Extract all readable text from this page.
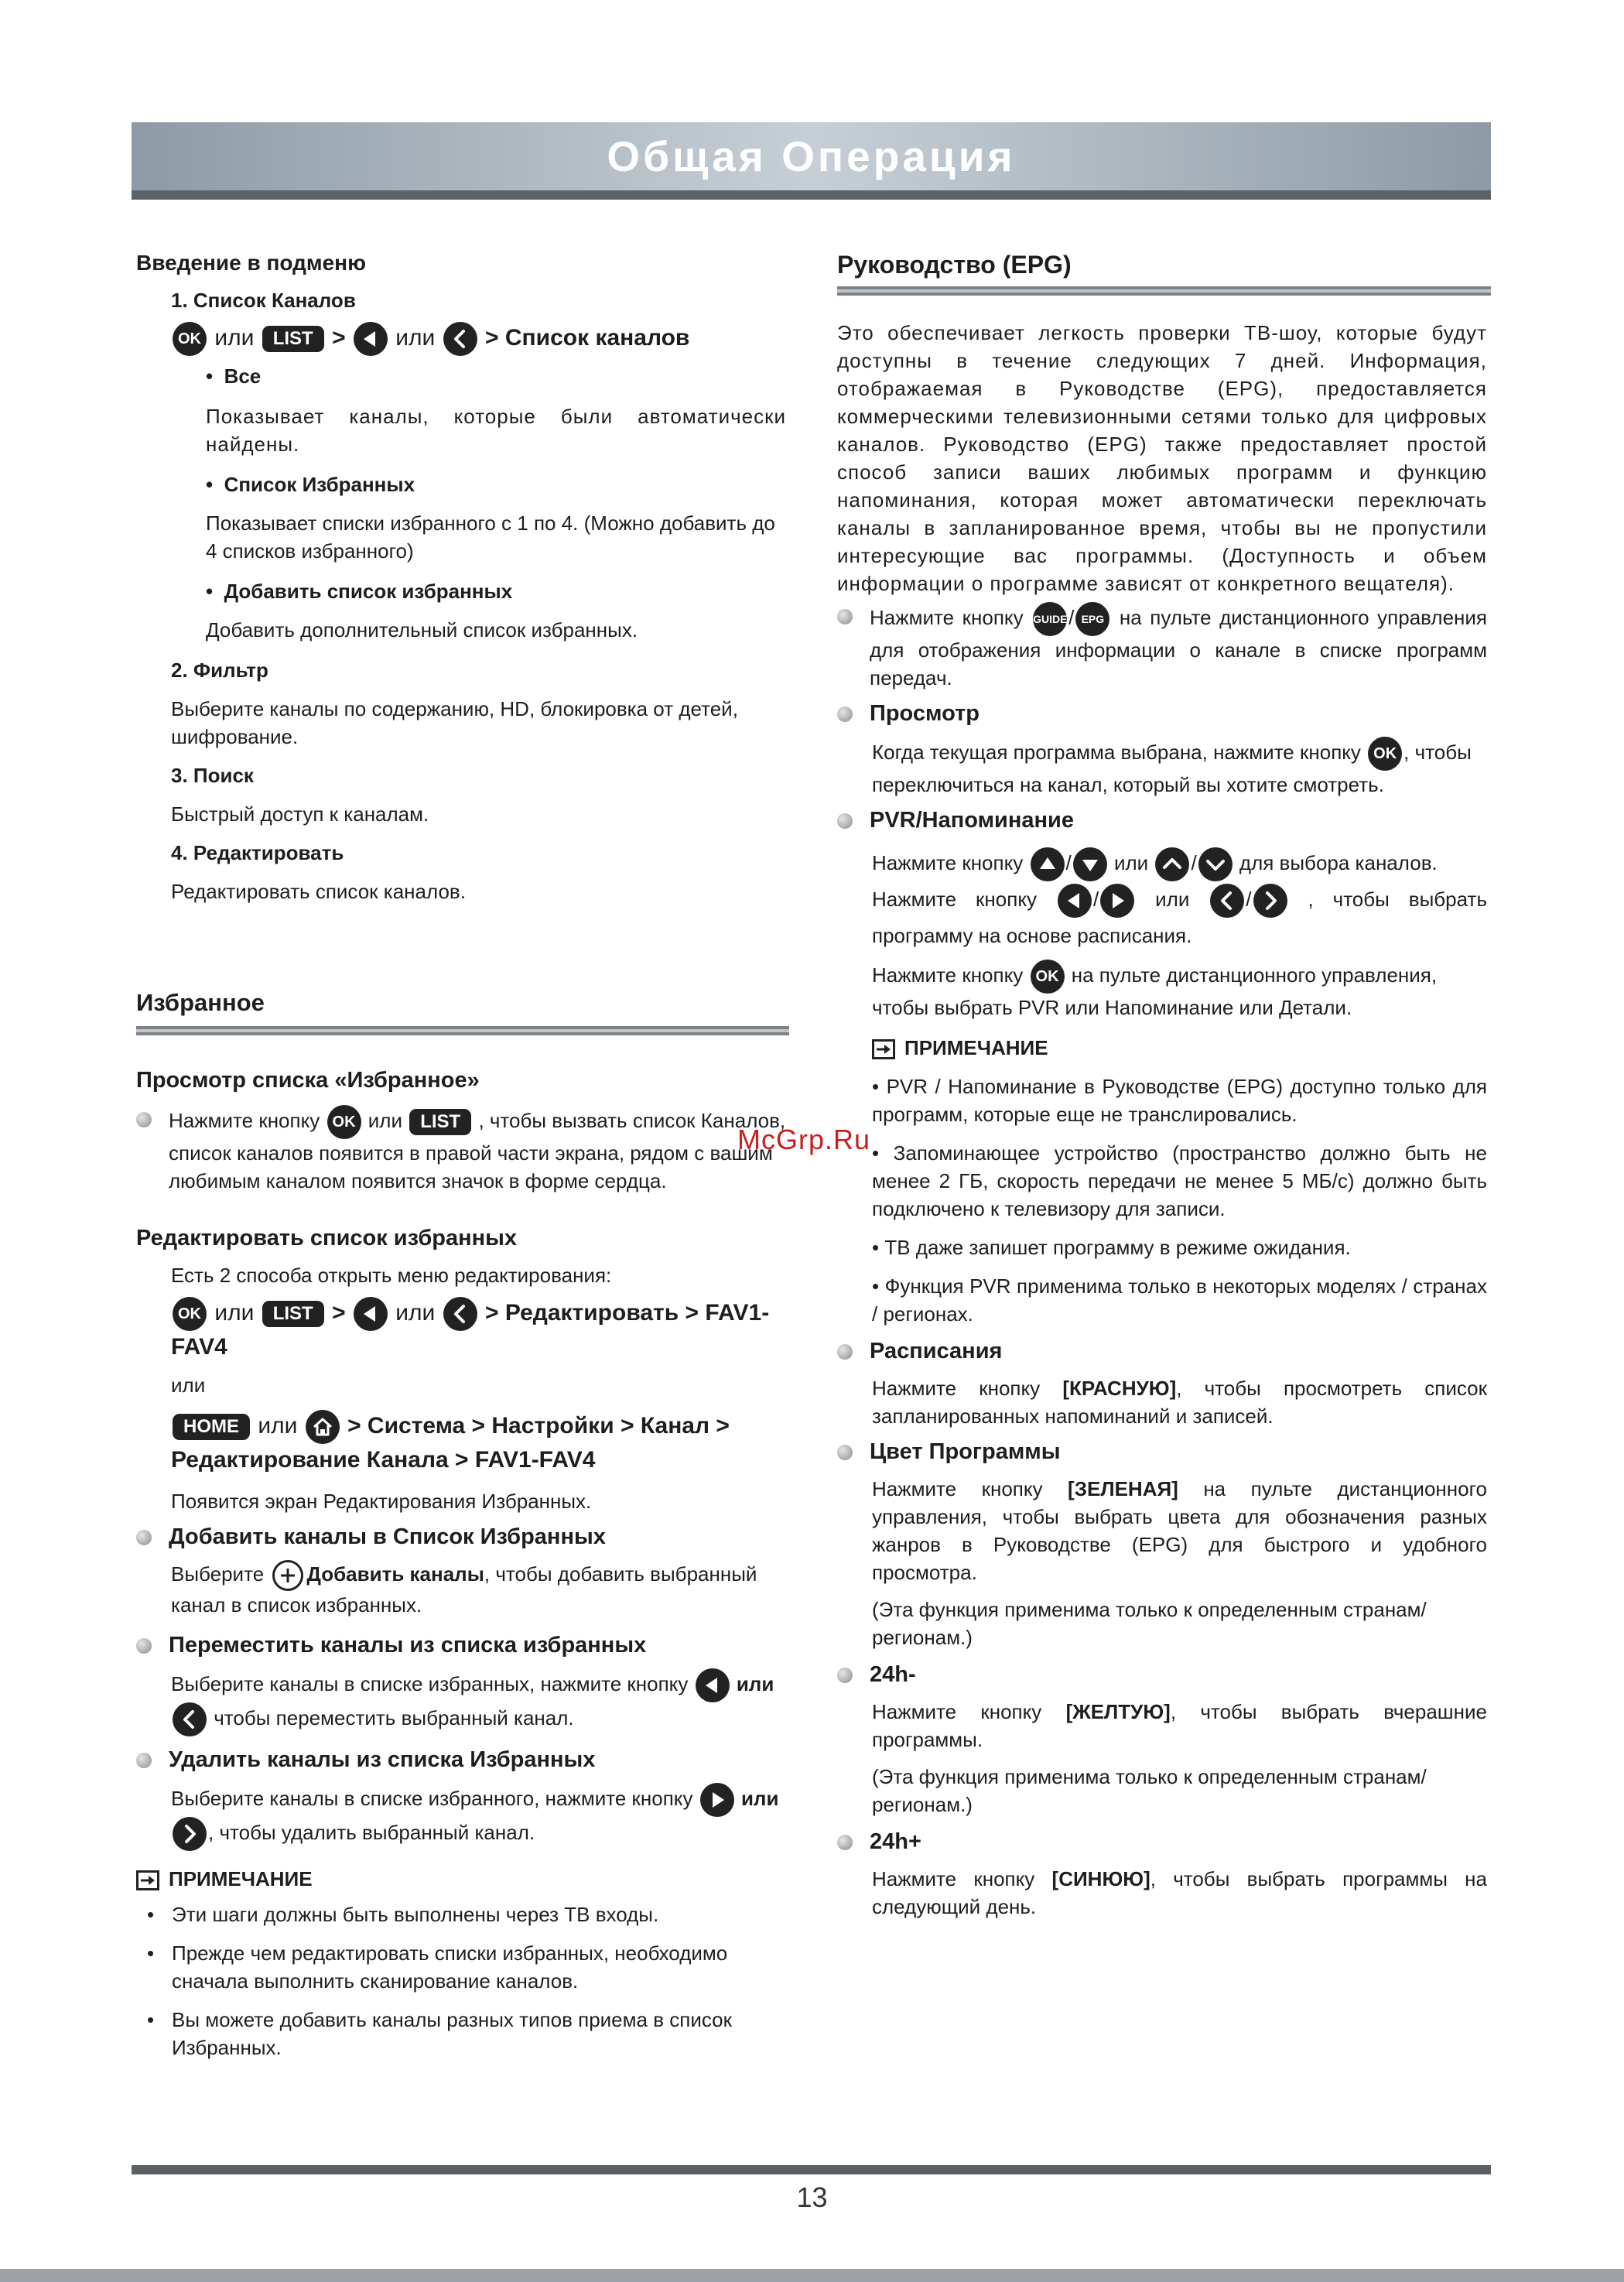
Общая Операция

Введение в подменю

1. Список Каналов

OK или LIST > или > Список каналов

•  Все

Показывает каналы, которые были автоматически найдены.

•  Список Избранных

Показывает списки избранного с 1 по 4. (Можно добавить до 4 списков избранного)

•  Добавить список избранных

Добавить дополнительный список избранных.

2. Фильтр

Выберите каналы по содержанию, HD, блокировка от детей, шифрование.

3. Поиск

Быстрый доступ к каналам.

4. Редактировать

Редактировать список каналов.

Избранное

Просмотр списка «Избранное»

Нажмите кнопку OK или LIST , чтобы вызвать список Каналов, список каналов появится в правой части экрана, рядом с вашим любимым каналом появится значок в форме сердца.

Редактировать список избранных

Есть 2 способа открыть меню редактирования:

OK или LIST > или > Редактировать > FAV1-FAV4

или

HOME или > Система > Настройки > Канал > Редактирование Канала > FAV1-FAV4

Появится экран Редактирования Избранных.

Добавить каналы в Список Избранных

Выберите Добавить каналы, чтобы добавить выбранный канал в список избранных.

Переместить каналы из списка избранных

Выберите каналы в списке избранных, нажмите кнопку или
чтобы переместить выбранный канал.

Удалить каналы из списка Избранных

Выберите каналы в списке избранного, нажмите кнопку или
, чтобы удалить выбранный канал.

ПРИМЕЧАНИЕ

• Эти шаги должны быть выполнены через ТВ входы.

• Прежде чем редактировать списки избранных, необходимо сначала выполнить сканирование каналов.

• Вы можете добавить каналы разных типов приема в список Избранных.

Руководство (EPG)

Это обеспечивает легкость проверки ТВ-шоу, которые будут доступны в течение следующих 7 дней. Информация, отображаемая в Руководстве (EPG), предоставляется коммерческими телевизионными сетями только для цифровых каналов. Руководство (EPG) также предоставляет простой способ записи ваших любимых программ и функцию напоминания, которая может автоматически переключать каналы в запланированное время, чтобы вы не пропустили интересующие вас программы. (Доступность и объем информации о программе зависят от конкретного вещателя).

Нажмите кнопку GUIDE/ EPG на пульте дистанционного управления для отображения информации о канале в списке программ передач.

Просмотр

Когда текущая программа выбрана, нажмите кнопку OK , чтобы переключиться на канал, который вы хотите смотреть.

PVR/Напоминание

Нажмите кнопку / или / для выбора каналов.

Нажмите кнопку	/	или	/	, чтобы выбрать программу на основе расписания.

Нажмите кнопку OK на пульте дистанционного управления, чтобы выбрать PVR или Напоминание или Детали.

ПРИМЕЧАНИЕ

• PVR / Напоминание в Руководстве (EPG) доступно только для программ, которые еще не транслировались.

• Запоминающее устройство (пространство должно быть не менее 2 ГБ, скорость передачи не менее 5 МБ/с) должно быть подключено к телевизору для записи.

• ТВ даже запишет программу в режиме ожидания.

• Функция PVR применима только в некоторых моделях / странах / регионах.

Расписания

Нажмите кнопку [КРАСНУЮ], чтобы просмотреть список запланированных напоминаний и записей.

Цвет Программы

Нажмите кнопку [ЗЕЛЕНАЯ] на пульте дистанционного управления, чтобы выбрать цвета для обозначения разных жанров в Руководстве (EPG) для быстрого и удобного просмотра.

(Эта функция применима только к определенным странам/регионам.)

24h-

Нажмите кнопку [ЖЕЛТУЮ], чтобы выбрать вчерашние программы.

(Эта функция применима только к определенным странам/регионам.)

24h+

Нажмите кнопку [СИНЮЮ], чтобы выбрать программы на следующий день.

McGrp.Ru
13
